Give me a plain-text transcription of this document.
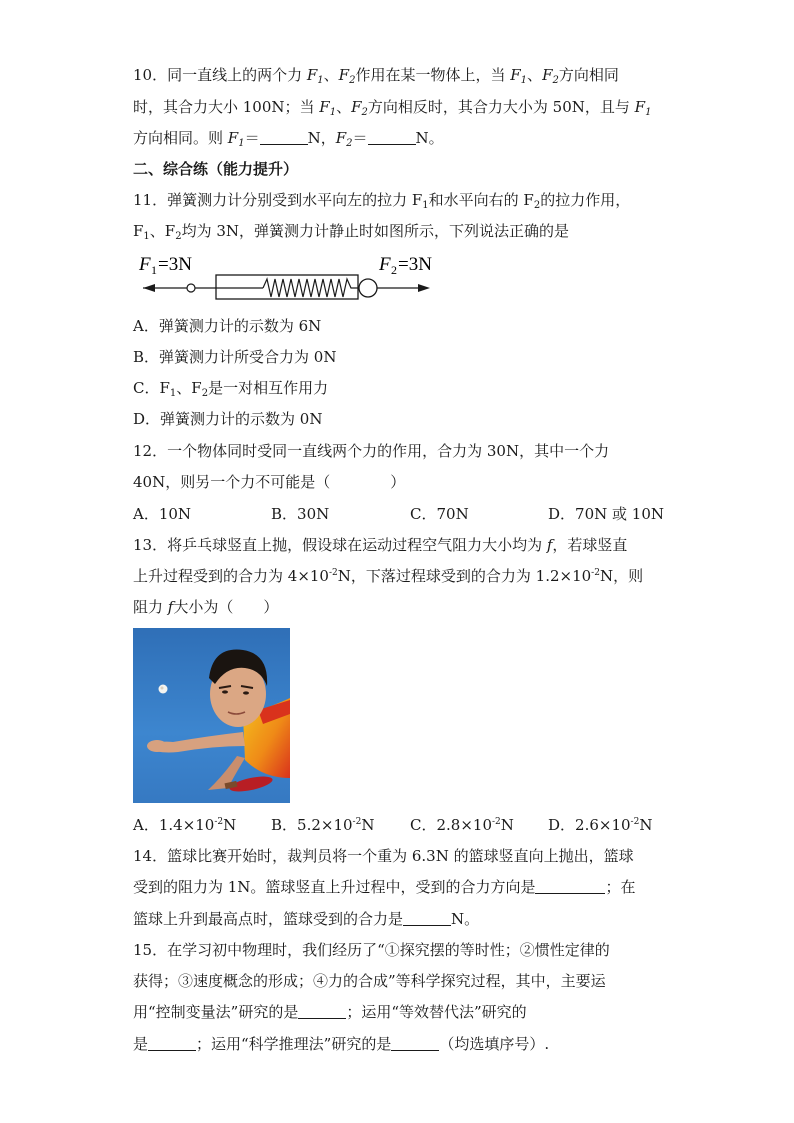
10．同一直线上的两个力 $F_1$、$F_2$作用在某一物体上，当 $F_1$、$F_2$方向相同
时，其合力大小 100N；当 $F_1$、$F_2$方向相反时，其合力大小为 50N，且与 $F_1$
方向相同。则 $F_1=$	N，$F_2=$	N。
二、综合练（能力提升）
11．弹簧测力计分别受到水平向左的拉力 $F_1$和水平向右的 $F_2$的拉力作用，
$F_1$、$F_2$均为 3N，弹簧测力计静止时如图所示，下列说法正确的是
F 1 =3N	F 2 =3N
A．弹簧测力计的示数为 6N
B．弹簧测力计所受合力为 0N
C．$F_1$、$F_2$是一对相互作用力
D．弹簧测力计的示数为 0N
12．一个物体同时受同一直线两个力的作用，合力为 30N，其中一个力
40N，则另一个力不可能是（　　　　）
A．10N	B．30N	C．70N	D．70N 或 10N
13．将乒乓球竖直上抛，假设球在运动过程空气阻力大小均为 f，若球竖直
上升过程受到的合力为 $4\times 10^{-2}N$，下落过程球受到的合力为 $1.2\times 10^{-2}N$，则
阻力 f大小为（　　）
A．$1.4\times 10^{-2}N$ B．$5.2\times 10^{-2}N$ C．$2.8\times 10^{-2}N$ D．$2.6\times 10^{-2}N$
14．篮球比赛开始时，裁判员将一个重为 6.3N 的篮球竖直向上抛出，篮球
受到的阻力为 1N。篮球竖直上升过程中，受到的合力方向是	；在
篮球上升到最高点时，篮球受到的合力是	N。
15．在学习初中物理时，我们经历了“①探究摆的等时性；②惯性定律的
获得；③速度概念的形成；④力的合成”等科学探究过程，其中，主要运
用“控制变量法”研究的是	；运用“等效替代法”研究的
是	；运用“科学推理法”研究的是	（均选填序号）.
